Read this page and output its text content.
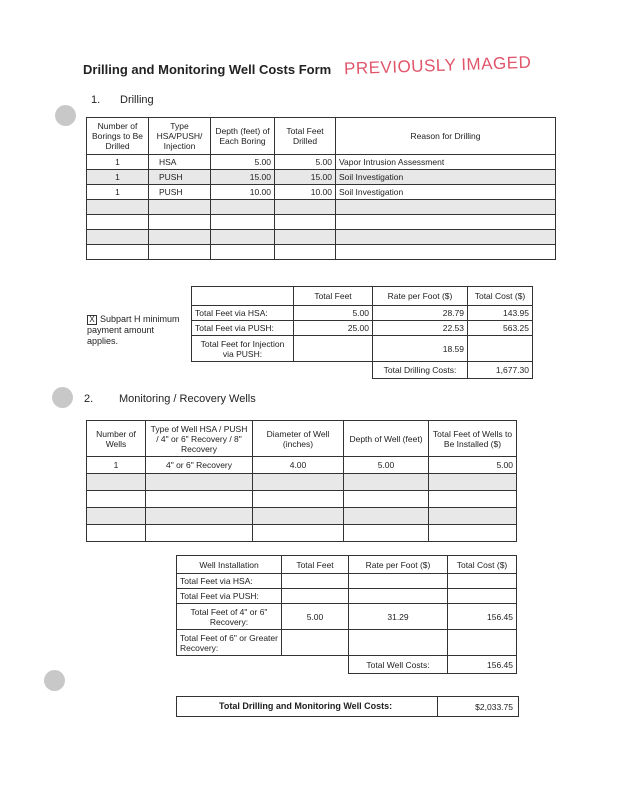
Drilling and Monitoring Well Costs Form PREVIOUSLY IMAGED
1. Drilling
Number of Borings to Be Drilled	Type HSA/PUSH/ Injection	Depth (feet) of Each Boring	Total Feet Drilled	Reason for Drilling
1	HSA	5.00	5.00	Vapor Intrusion Assessment
1	PUSH	15.00	15.00	Soil Investigation
1	PUSH	10.00	10.00	Soil Investigation

X Subpart H minimum payment amount applies.
	Total Feet	Rate per Foot ($)	Total Cost ($)
Total Feet via HSA:	5.00	28.79	143.95
Total Feet via PUSH:	25.00	22.53	563.25
Total Feet for Injection via PUSH:		18.59	
		Total Drilling Costs:	1,677.30
2. Monitoring / Recovery Wells
Number of Wells	Type of Well HSA / PUSH / 4" or 6" Recovery / 8" Recovery	Diameter of Well (inches)	Depth of Well (feet)	Total Feet of Wells to Be Installed ($)
1	4" or 6" Recovery	4.00	5.00	5.00

Well Installation	Total Feet	Rate per Foot ($)	Total Cost ($)
Total Feet via HSA:			
Total Feet via PUSH:			
Total Feet of 4" or 6" Recovery:	5.00	31.29	156.45
Total Feet of 6" or Greater Recovery:			
		Total Well Costs:	156.45
Total Drilling and Monitoring Well Costs:	$2,033.75
